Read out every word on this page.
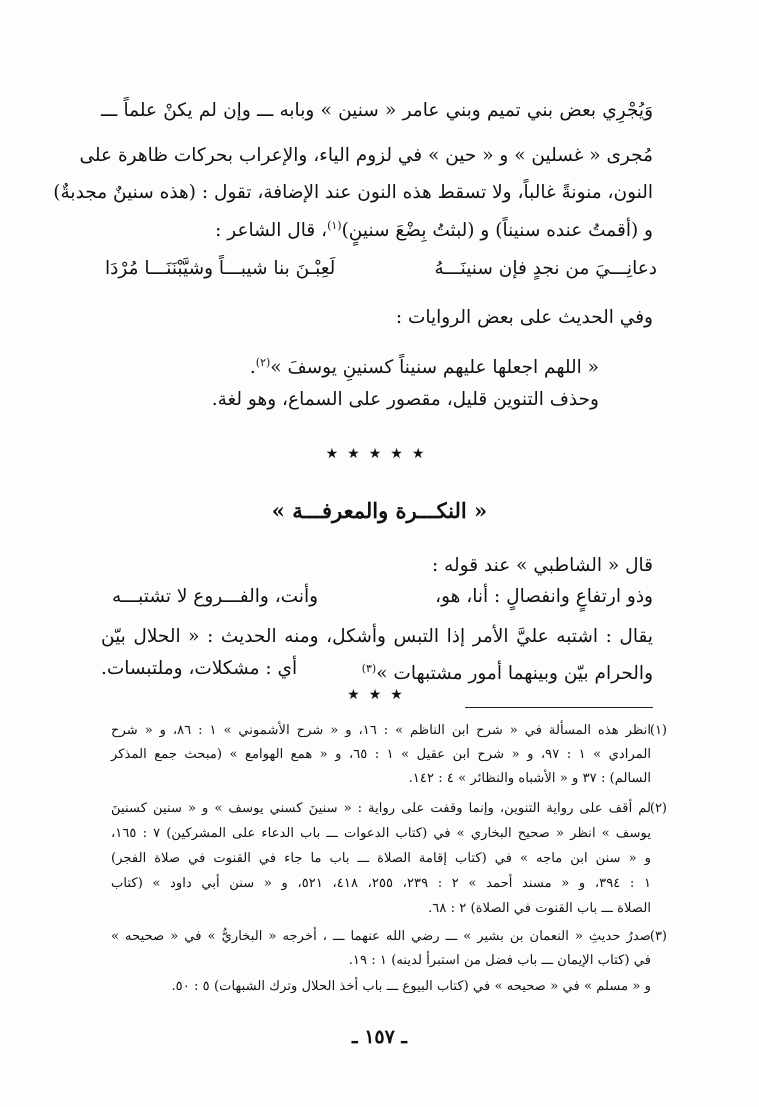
وَيُجْرِي بعض بني تميم وبني عامر « سنين » وبابه ـــ وإن لم يكنْ علماً ـــ
مُجرى « غسلين » و « حين » في لزوم الياء، والإعراب بحركات ظاهرة على
النون، منونةً غالباً، ولا تسقط هذه النون عند الإضافة، تقول : (هذه سنينٌ مجدبةٌ)
و (أقمتُ عنده سنيناً) و (لبثتُ بِضْعَ سنينٍ)$^{(١)}$، قال الشاعر :
دعانِـــيَ من نجدٍ فإن سنينَـــهُ
لَعِبْـنَ بنا شيبـــاً وشيَّبْنَنَـــا مُرْدَا
وفي الحديث على بعض الروايات :
« اللهم اجعلها عليهم سنيناً كسنينِ يوسفَ »$^{(٢)}$.
وحذف التنوين قليل، مقصور على السماع، وهو لغة.
★★★★★
« النكـــرة والمعرفـــة »
قال « الشاطبي » عند قوله :
وذو ارتفاعٍ وانفصالٍ : أنا، هو،
وأنت، والفـــروع لا تشتبـــه
يقال : اشتبه عليَّ الأمر إذا التبس وأشكل، ومنه الحديث : « الحلال بيّن
والحرام بيّن وبينهما أمور مشتبهات »$^{(٣)}$
أي : مشكلات، وملتبسات.
★★★
(١)
انظر هذه المسألة في « شرح ابن الناظم » : ١٦، و « شرح الأشموني » ١ : ٨٦، و « شرح
المرادي » ١ : ٩٧، و « شرح ابن عقيل » ١ : ٦٥، و « همع الهوامع » (مبحث جمع المذكر
السالم) : ٣٧ و « الأشباه والنظائر » ٤ : ١٤٢.
(٢)
لم أقف على رواية التنوين، وإنما وقفت على رواية : « سنينَ كسني يوسف » و « سنين كسنينَ
يوسف » انظر « صحيح البخاري » في (كتاب الدعوات ـــ باب الدعاء على المشركين) ٧ : ١٦٥،
و « سنن ابن ماجه » في (كتاب إقامة الصلاة ـــ باب ما جاء في القنوت في صلاة الفجر)
١ : ٣٩٤، و « مسند أحمد » ٢ : ٢٣٩، ٢٥٥، ٤١٨، ٥٢١، و « سنن أبي داود » (كتاب
الصلاة ـــ باب القنوت في الصلاة) ٢ : ٦٨.
(٣)
صدرُ حديثِ « النعمان بن بشير » ـــ رضي الله عنهما ـــ ، أخرجه « البخاريُّ » في « صحيحه »
في (كتاب الإيمان ـــ باب فضل من استبرأ لدينه) ١ : ١٩.
و « مسلم » في « صحيحه » في (كتاب البيوع ـــ باب أخذ الحلال وترك الشبهات) ٥ : ٥٠.
ـ ١٥٧ ـ
